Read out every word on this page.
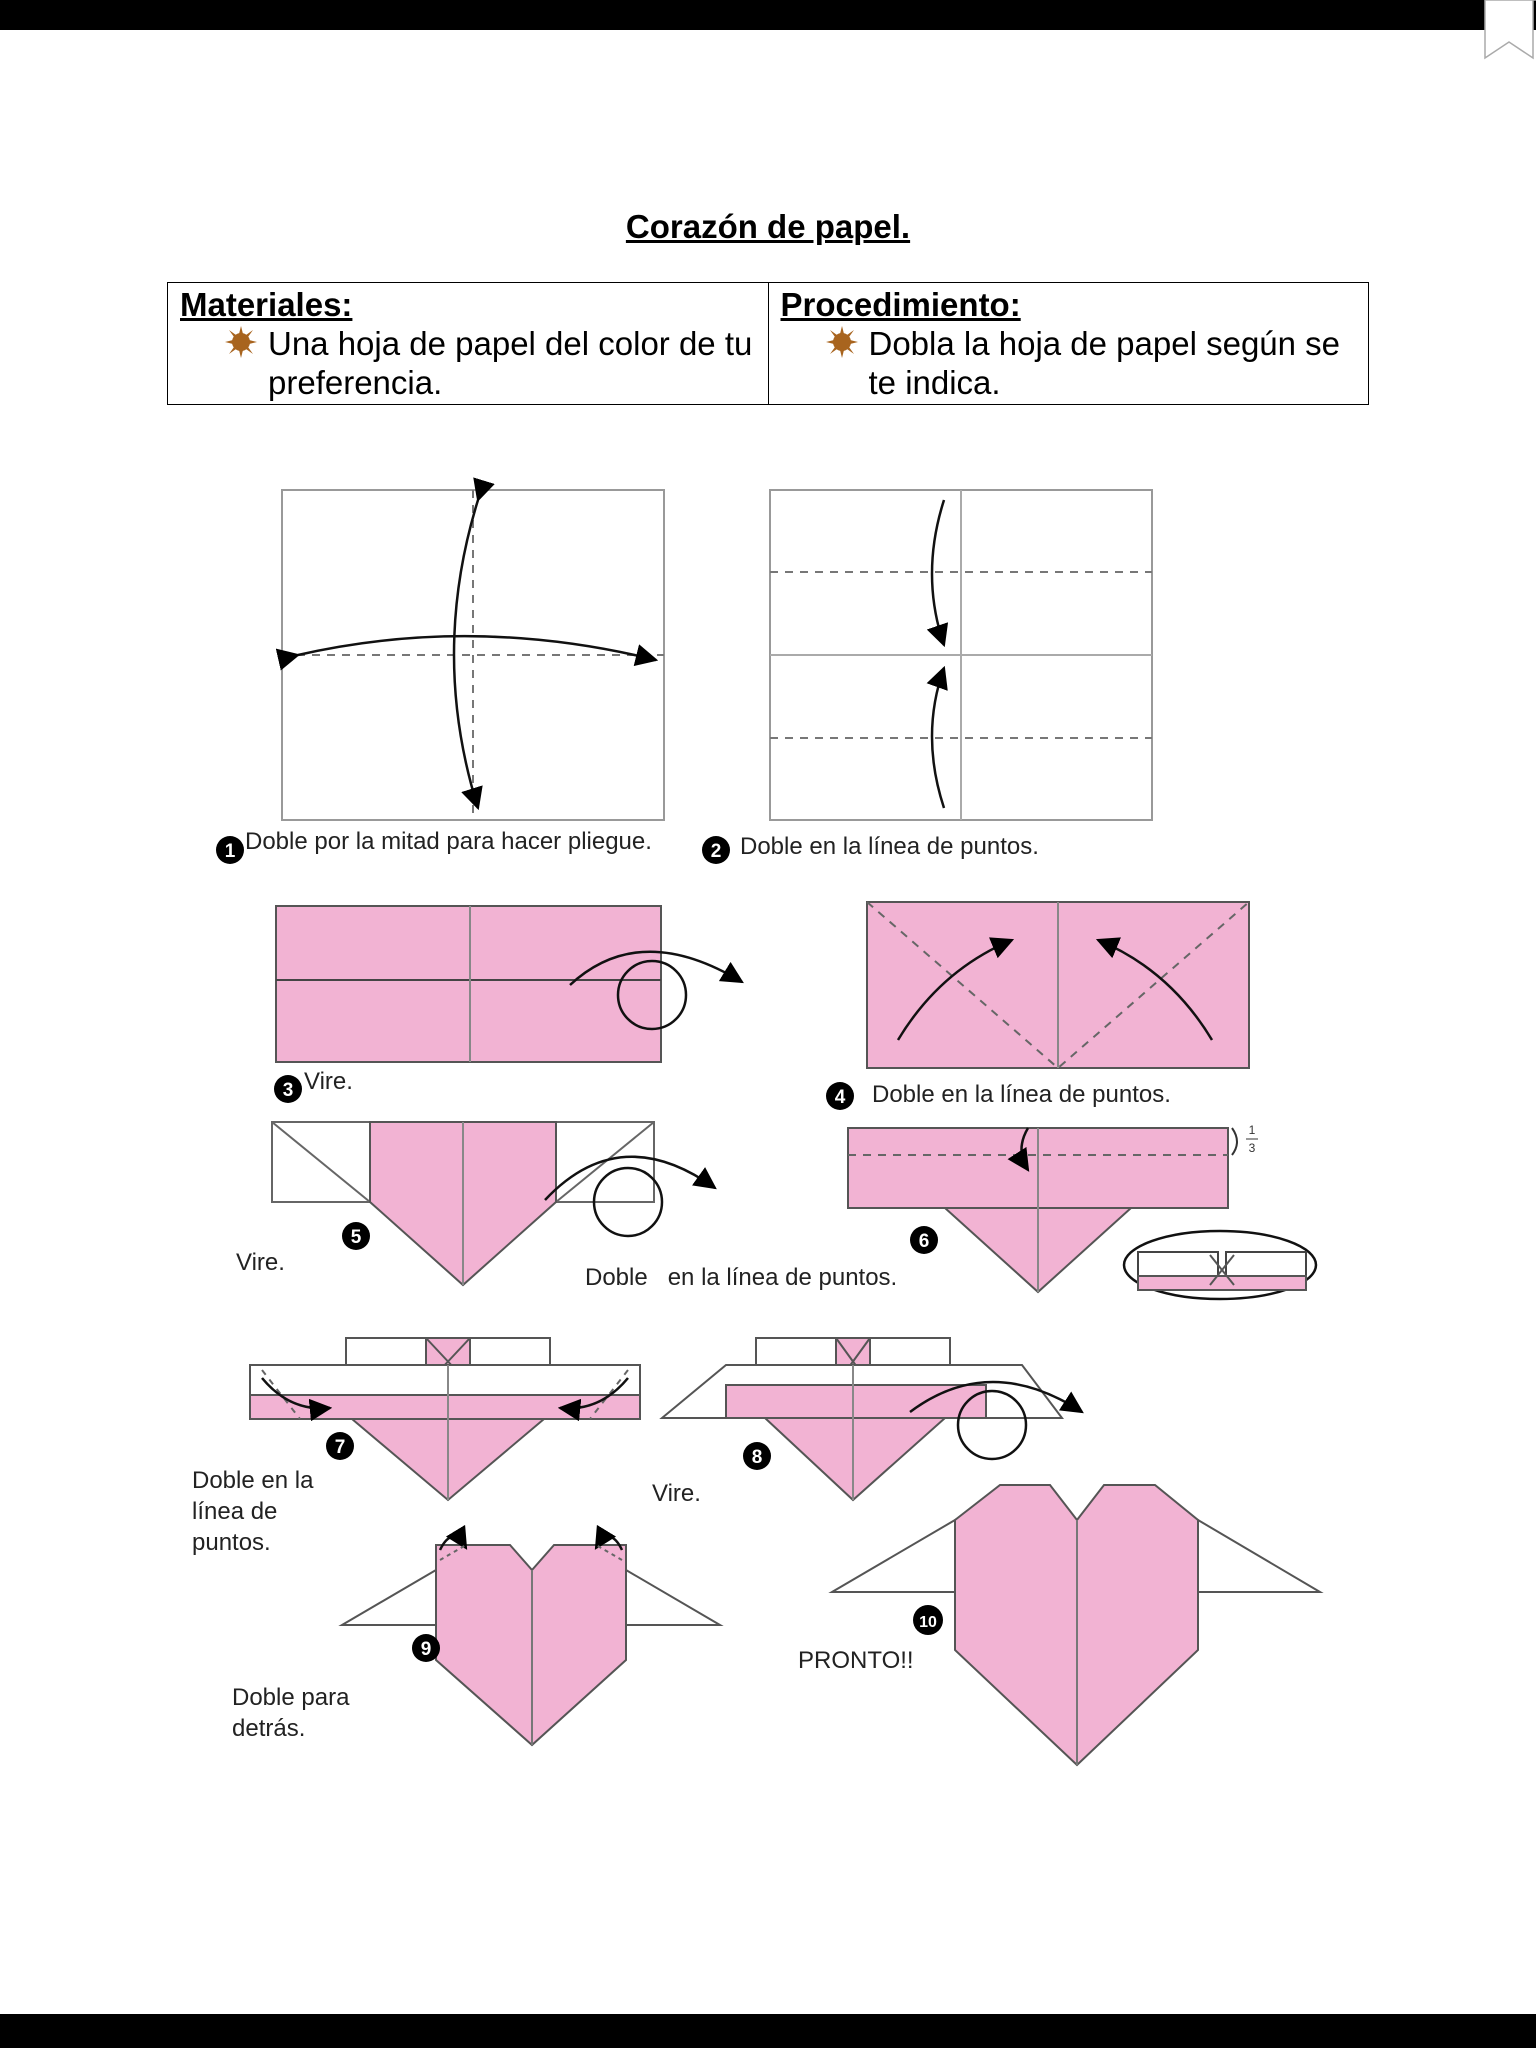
Corazón de papel.
Materiales:
Una hoja de papel del color de tu preferencia.

Procedimiento:
Dobla la hoja de papel según se te indica.
1	2
3	4
5	6
7	8
9
10
1
3
Doble por la mitad para hacer pliegue.	Doble en la línea de puntos.
Vire.	Doble en la línea de puntos.
Vire.
Doble   en la línea de puntos.
Doble en la línea de puntos.
Vire.
Doble para detrás.
PRONTO!!
